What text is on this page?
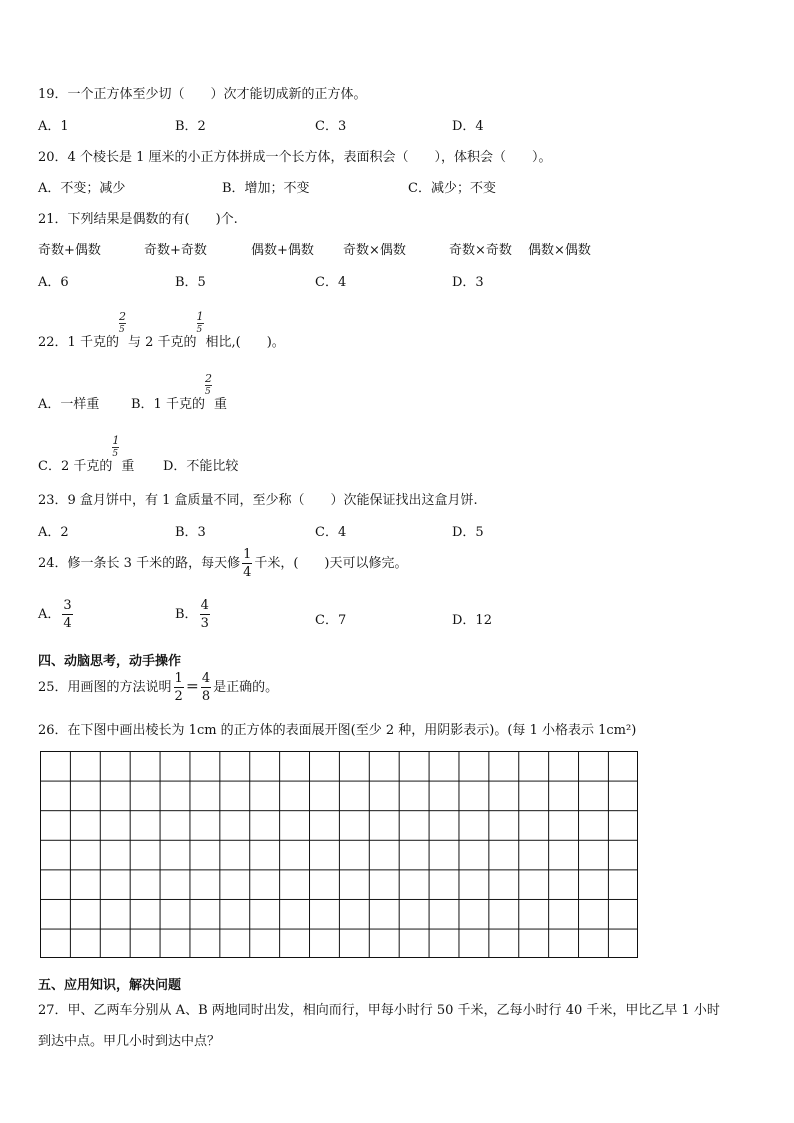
19．一个正方体至少切（　　）次才能切成新的正方体。
A．1	B．2	C．3	D．4
20．4 个棱长是 1 厘米的小正方体拼成一个长方体，表面积会（　　），体积会（　　）。
A．不变；减少	B．增加；不变	C．减少；不变
21．下列结果是偶数的有(　　)个.
奇数+偶数	奇数+奇数	偶数+偶数 奇数×偶数	奇数×奇数 偶数×偶数
A．6	B．5	C．4	D．3
22．1 千克的 $\frac{2}{5}$ 与 2 千克的 $\frac{1}{5}$ 相比,(　　)。
A．一样重 B．1 千克的 $\frac{2}{5}$ 重
C．2 千克的 $\frac{1}{5}$ 重 D．不能比较
23．9 盒月饼中，有 1 盒质量不同，至少称（　　）次能保证找出这盒月饼.
A．2	B．3	C．4	D．5
24．修一条长 3 千米的路，每天修 $\frac{1}{4}$ 千米，(　　)天可以修完。
A． $\frac{3}{4}$	B． $\frac{4}{3}$	C．7	D．12
四、动脑思考，动手操作
25．用画图的方法说明 $\frac{1}{2} = \frac{4}{8}$ 是正确的。
26．在下图中画出棱长为 1cm 的正方体的表面展开图(至少 2 种，用阴影表示)。(每 1 小格表示 1cm²)
五、应用知识，解决问题
27．甲、乙两车分别从 A、B 两地同时出发，相向而行，甲每小时行 50 千米，乙每小时行 40 千米，甲比乙早 1 小时
到达中点。甲几小时到达中点？
